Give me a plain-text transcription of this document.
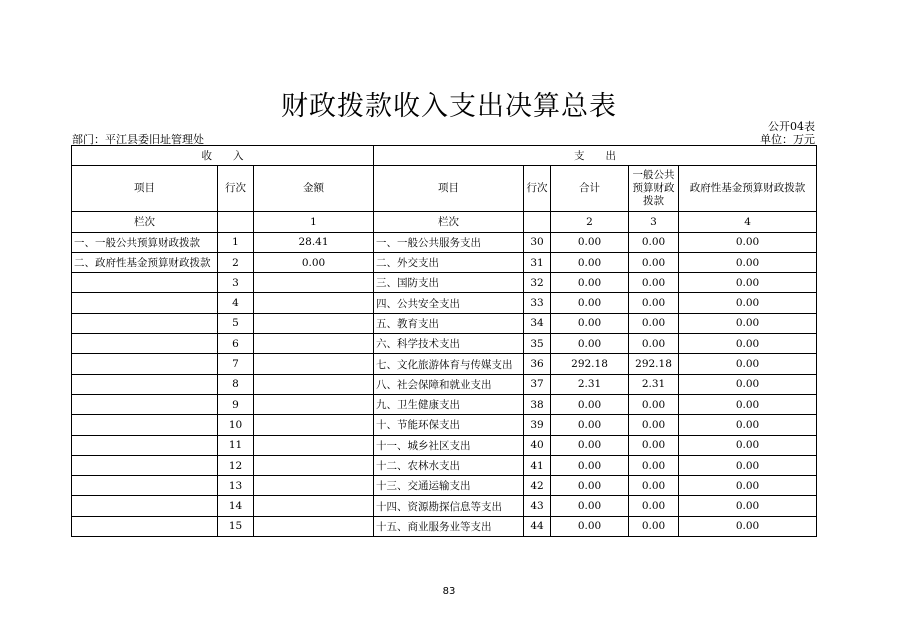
财政拨款收入支出决算总表
公开04表
部门：平江县委旧址管理处	单位：万元
收　　入			支　　出				
项目	行次	金额	项目	行次	合计	一般公共预算财政拨款	政府性基金预算财政拨款
栏次		1	栏次		2	3	4
一、一般公共预算财政拨款	1	28.41	一、一般公共服务支出	30	0.00	0.00	0.00
二、政府性基金预算财政拨款	2	0.00	二、外交支出	31	0.00	0.00	0.00
	3		三、国防支出	32	0.00	0.00	0.00
	4		四、公共安全支出	33	0.00	0.00	0.00
	5		五、教育支出	34	0.00	0.00	0.00
	6		六、科学技术支出	35	0.00	0.00	0.00
	7		七、文化旅游体育与传媒支出	36	292.18	292.18	0.00
	8		八、社会保障和就业支出	37	2.31	2.31	0.00
	9		九、卫生健康支出	38	0.00	0.00	0.00
	10		十、节能环保支出	39	0.00	0.00	0.00
	11		十一、城乡社区支出	40	0.00	0.00	0.00
	12		十二、农林水支出	41	0.00	0.00	0.00
	13		十三、交通运输支出	42	0.00	0.00	0.00
	14		十四、资源勘探信息等支出	43	0.00	0.00	0.00
	15		十五、商业服务业等支出	44	0.00	0.00	0.00
83
